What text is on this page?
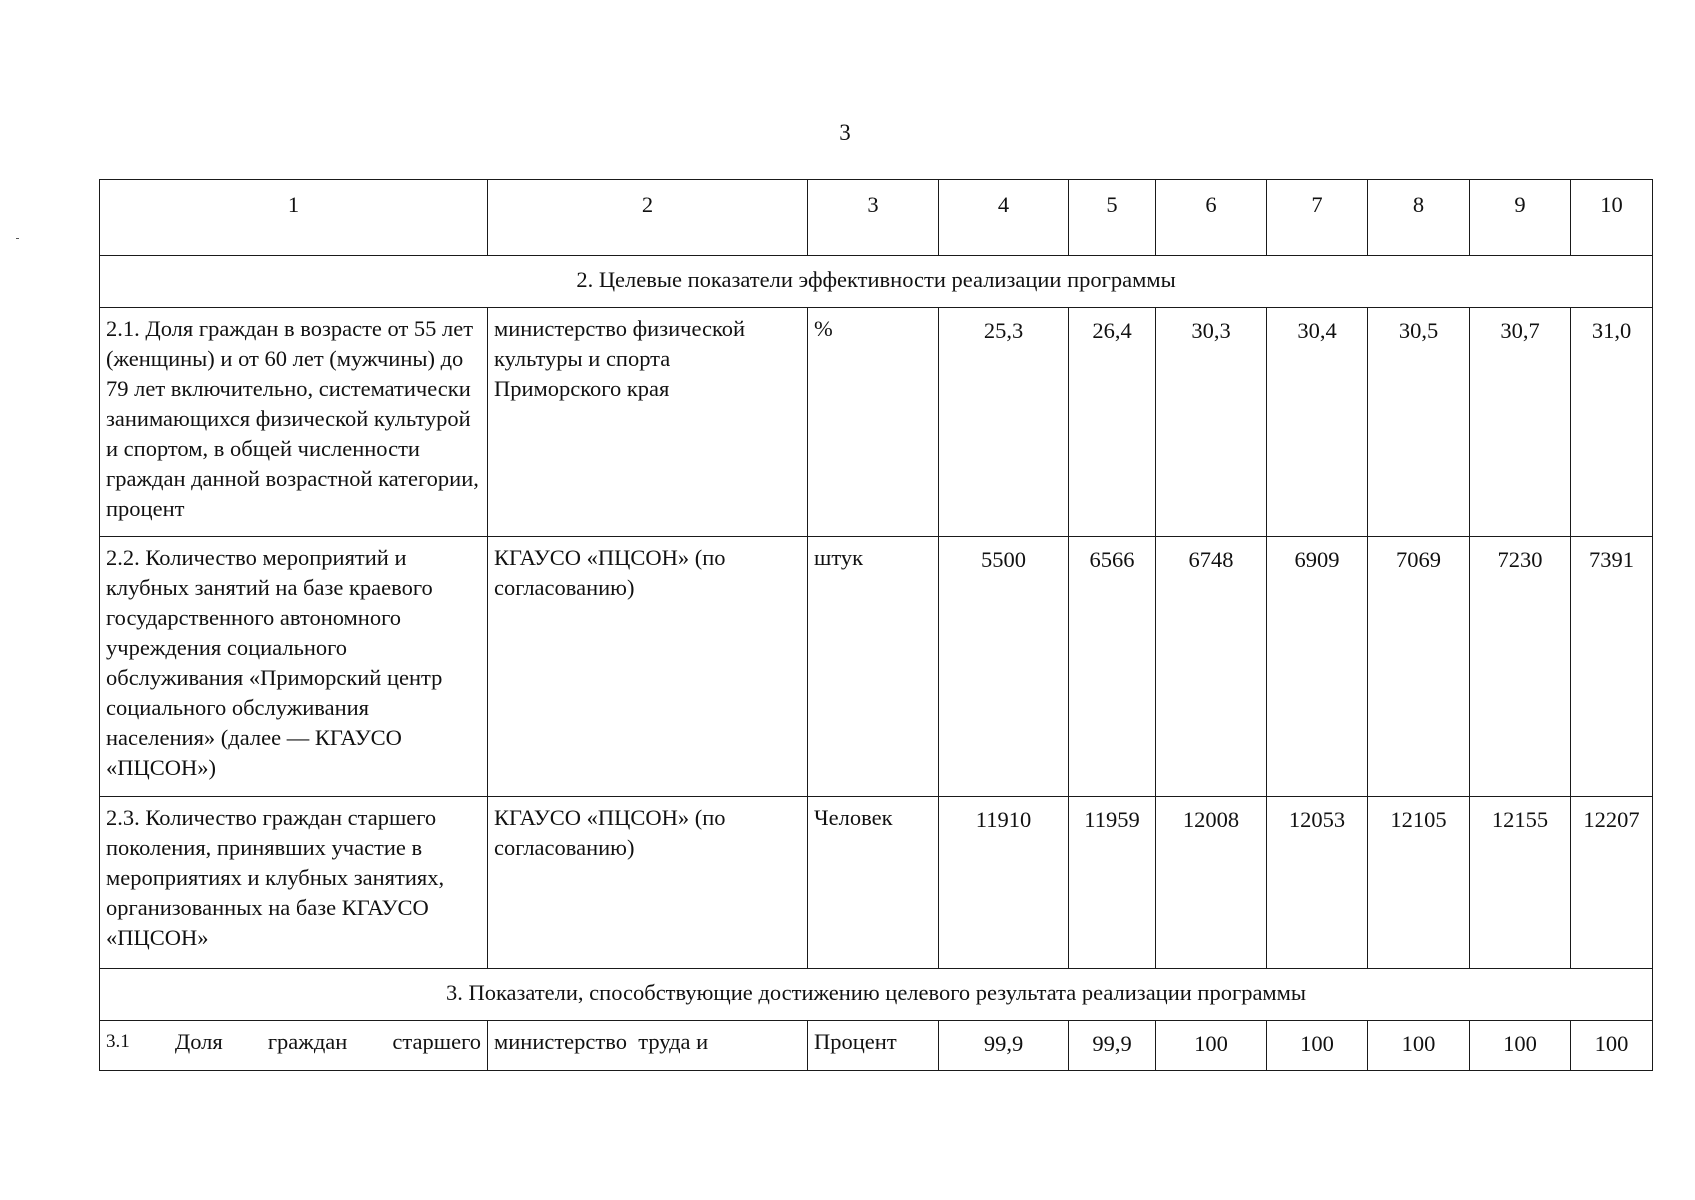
3
1	2	3	4	5	6	7	8	9	10
2. Целевые показатели эффективности реализации программы									
2.1. Доля граждан в возрасте от 55 лет (женщины) и от 60 лет (мужчины) до 79 лет включительно, систематически занимающихся физической культурой и спортом, в общей численности граждан данной возрастной категории, процент	министерство физической культуры и спорта Приморского края	%	25,3	26,4	30,3	30,4	30,5	30,7	31,0
2.2. Количество мероприятий и клубных занятий на базе краевого государственного автономного учреждения социального обслуживания «Приморский центр социального обслуживания населения» (далее — КГАУСО «ПЦСОН»)	КГАУСО «ПЦСОН» (по согласованию)	штук	5500	6566	6748	6909	7069	7230	7391
2.3. Количество граждан старшего поколения, принявших участие в мероприятиях и клубных занятиях, организованных на базе КГАУСО «ПЦСОН»	КГАУСО «ПЦСОН» (по согласованию)	Человек	11910	11959	12008	12053	12105	12155	12207
3. Показатели, способствующие достижению целевого результата реализации программы									

3.1 Доля граждан старшего	министерство  труда и	Процент	99,9	99,9	100	100	100	100	100
